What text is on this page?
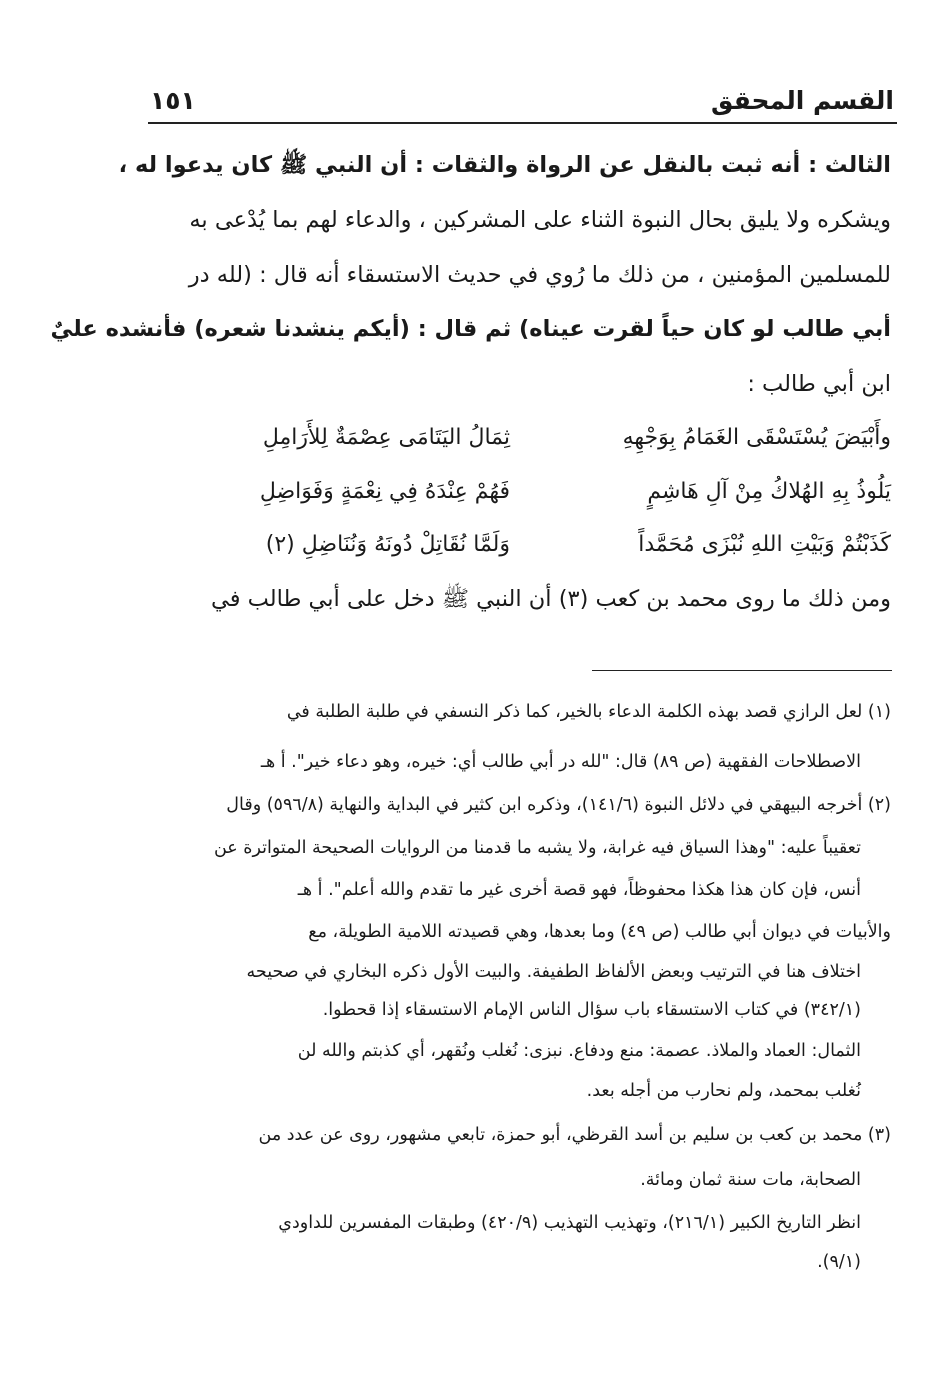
القسم المحقق
١٥١
الثالث : أنه ثبت بالنقل عن الرواة والثقات : أن النبي ﷺ كان يدعوا له ،
ويشكره ولا يليق بحال النبوة الثناء على المشركين ، والدعاء لهم بما يُدْعى به
للمسلمين المؤمنين ، من ذلك ما رُوي في حديث الاستسقاء أنه قال : (لله در
أبي طالب لو كان حياً لقرت عيناه) ثم قال : (أيكم ينشدنا شعره) فأنشده عليٌ
ابن أبي طالب :
وأَبْيَضَ يُسْتَسْقَى الغَمَامُ بِوَجْهِهِ
ثِمَالُ اليَتَامَى عِصْمَةٌ لِلأَرَامِلِ
يَلُوذُ بِهِ الهُلاكُ مِنْ آلِ هَاشِمٍ
فَهُمْ عِنْدَهُ فِي نِعْمَةٍ وَفَوَاضِلِ
كَذَبْتُمْ وَبَيْتِ اللهِ نُبْزَى مُحَمَّداً
وَلَمَّا نُقَاتِلْ دُونَهُ وَنُنَاضِلِ (٢)
ومن ذلك ما روى محمد بن كعب (٣) أن النبي ﷺ دخل على أبي طالب في
(١) لعل الرازي قصد بهذه الكلمة الدعاء بالخير، كما ذكر النسفي في طلبة الطلبة في
الاصطلاحات الفقهية (ص ٨٩) قال: "لله در أبي طالب أي: خيره، وهو دعاء خير". أ هـ
(٢) أخرجه البيهقي في دلائل النبوة (١٤١/٦)، وذكره ابن كثير في البداية والنهاية (٥٩٦/٨) وقال
تعقيباً عليه: "وهذا السياق فيه غرابة، ولا يشبه ما قدمنا من الروايات الصحيحة المتواترة عن
أنس، فإن كان هذا هكذا محفوظاً، فهو قصة أخرى غير ما تقدم والله أعلم". أ هـ
والأبيات في ديوان أبي طالب (ص ٤٩) وما بعدها، وهي قصيدته اللامية الطويلة، مع
اختلاف هنا في الترتيب وبعض الألفاظ الطفيفة. والبيت الأول ذكره البخاري في صحيحه
(٣٤٢/١) في كتاب الاستسقاء باب سؤال الناس الإمام الاستسقاء إذا قحطوا.
الثمال: العماد والملاذ. عصمة: منع ودفاع. نبزى: نُغلب ونُقهر، أي كذبتم والله لن
نُغلب بمحمد، ولم نحارب من أجله بعد.
(٣) محمد بن كعب بن سليم بن أسد القرظي، أبو حمزة، تابعي مشهور، روى عن عدد من
الصحابة، مات سنة ثمان ومائة.
انظر التاريخ الكبير (٢١٦/١)، وتهذيب التهذيب (٤٢٠/٩) وطبقات المفسرين للداودي
(٩/١).
